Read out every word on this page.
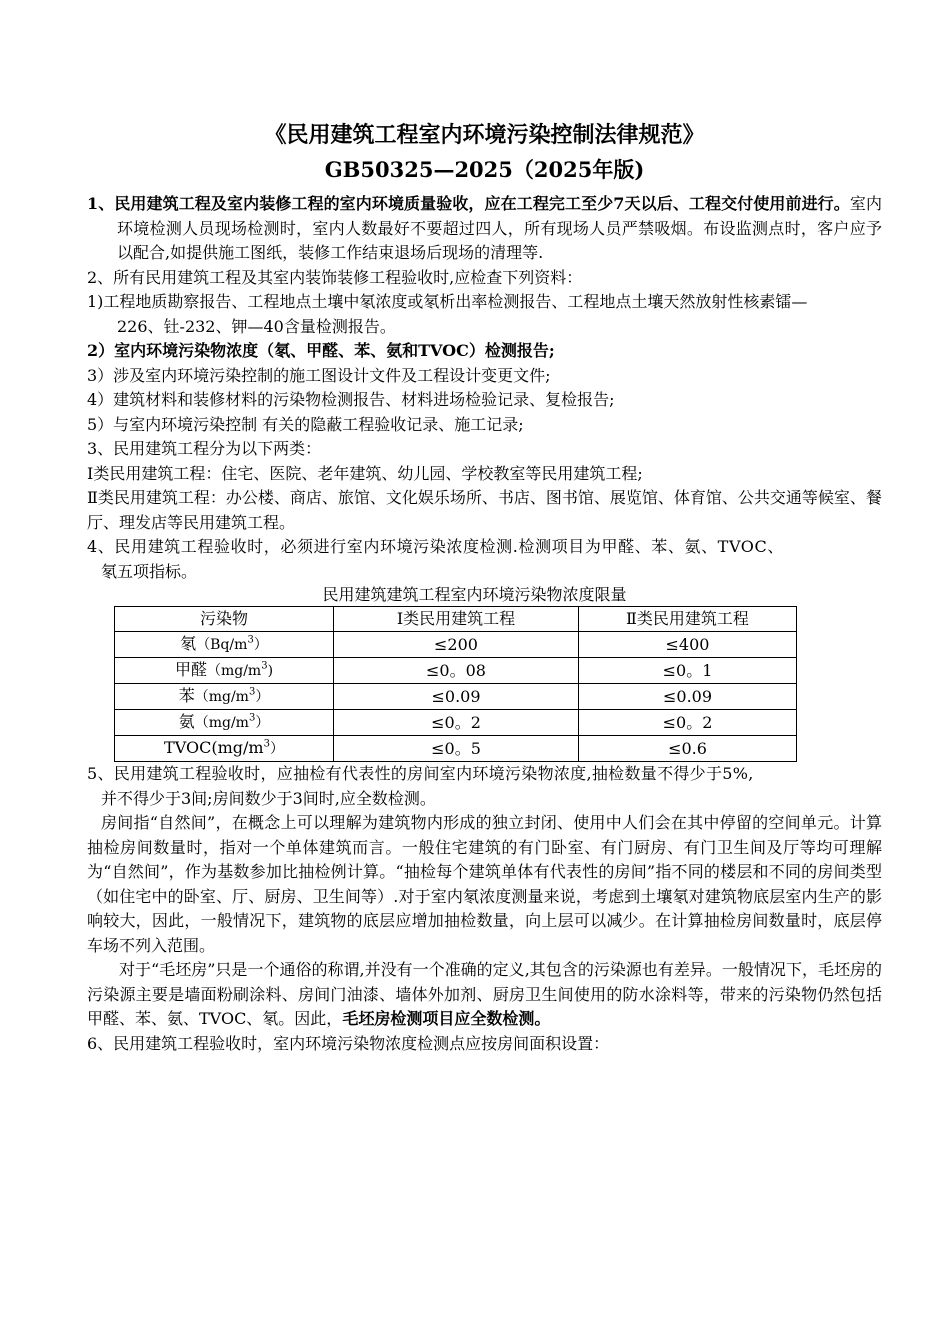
《民用建筑工程室内环境污染控制法律规范》
GB50325—2025（2025年版)

1、民用建筑工程及室内装修工程的室内环境质量验收，应在工程完工至少7天以后、工程交付使用前进行。室内环境检测人员现场检测时，室内人数最好不要超过四人，所有现场人员严禁吸烟。布设监测点时，客户应予以配合,如提供施工图纸，装修工作结束退场后现场的清理等.

2、所有民用建筑工程及其室内装饰装修工程验收时,应检查下列资料：

1)工程地质勘察报告、工程地点土壤中氡浓度或氡析出率检测报告、工程地点土壤天然放射性核素镭—226、钍-232、钾—40含量检测报告。

2）室内环境污染物浓度（氡、甲醛、苯、氨和TVOC）检测报告;

3）涉及室内环境污染控制的施工图设计文件及工程设计变更文件;

4）建筑材料和装修材料的污染物检测报告、材料进场检验记录、复检报告;

5）与室内环境污染控制 有关的隐蔽工程验收记录、施工记录;

3、民用建筑工程分为以下两类：

Ⅰ类民用建筑工程：住宅、医院、老年建筑、幼儿园、学校教室等民用建筑工程;

Ⅱ类民用建筑工程：办公楼、商店、旅馆、文化娱乐场所、书店、图书馆、展览馆、体育馆、公共交通等候室、餐厅、理发店等民用建筑工程。

4、民用建筑工程验收时，必须进行室内环境污染浓度检测.检测项目为甲醛、苯、氨、TVOC、

氡五项指标。

民用建筑建筑工程室内环境污染物浓度限量
污染物	Ⅰ类民用建筑工程	Ⅱ类民用建筑工程
氡$(Bq/m^3)$	≤200	≤400
甲醛$(mg/m^3)$	≤0。08	≤0。1
苯$(mg/m^3)$	≤0.09	≤0.09
氨$(mg/m^3)$	≤0。2	≤0。2
$TVOC(mg/m^3)$	≤0。5	≤0.6

5、民用建筑工程验收时，应抽检有代表性的房间室内环境污染物浓度,抽检数量不得少于5%,

并不得少于3间;房间数少于3间时,应全数检测。

房间指“自然间”，在概念上可以理解为建筑物内形成的独立封闭、使用中人们会在其中停留的空间单元。计算抽检房间数量时，指对一个单体建筑而言。一般住宅建筑的有门卧室、有门厨房、有门卫生间及厅等均可理解为“自然间”，作为基数参加比抽检例计算。“抽检每个建筑单体有代表性的房间”指不同的楼层和不同的房间类型（如住宅中的卧室、厅、厨房、卫生间等）.对于室内氡浓度测量来说，考虑到土壤氡对建筑物底层室内生产的影响较大，因此，一般情况下，建筑物的底层应增加抽检数量，向上层可以减少。在计算抽检房间数量时，底层停车场不列入范围。

对于“毛坯房”只是一个通俗的称谓,并没有一个准确的定义,其包含的污染源也有差异。一般情况下，毛坯房的污染源主要是墙面粉刷涂料、房间门油漆、墙体外加剂、厨房卫生间使用的防水涂料等，带来的污染物仍然包括甲醛、苯、氨、TVOC、氡。因此，毛坯房检测项目应全数检测。

6、民用建筑工程验收时，室内环境污染物浓度检测点应按房间面积设置：
